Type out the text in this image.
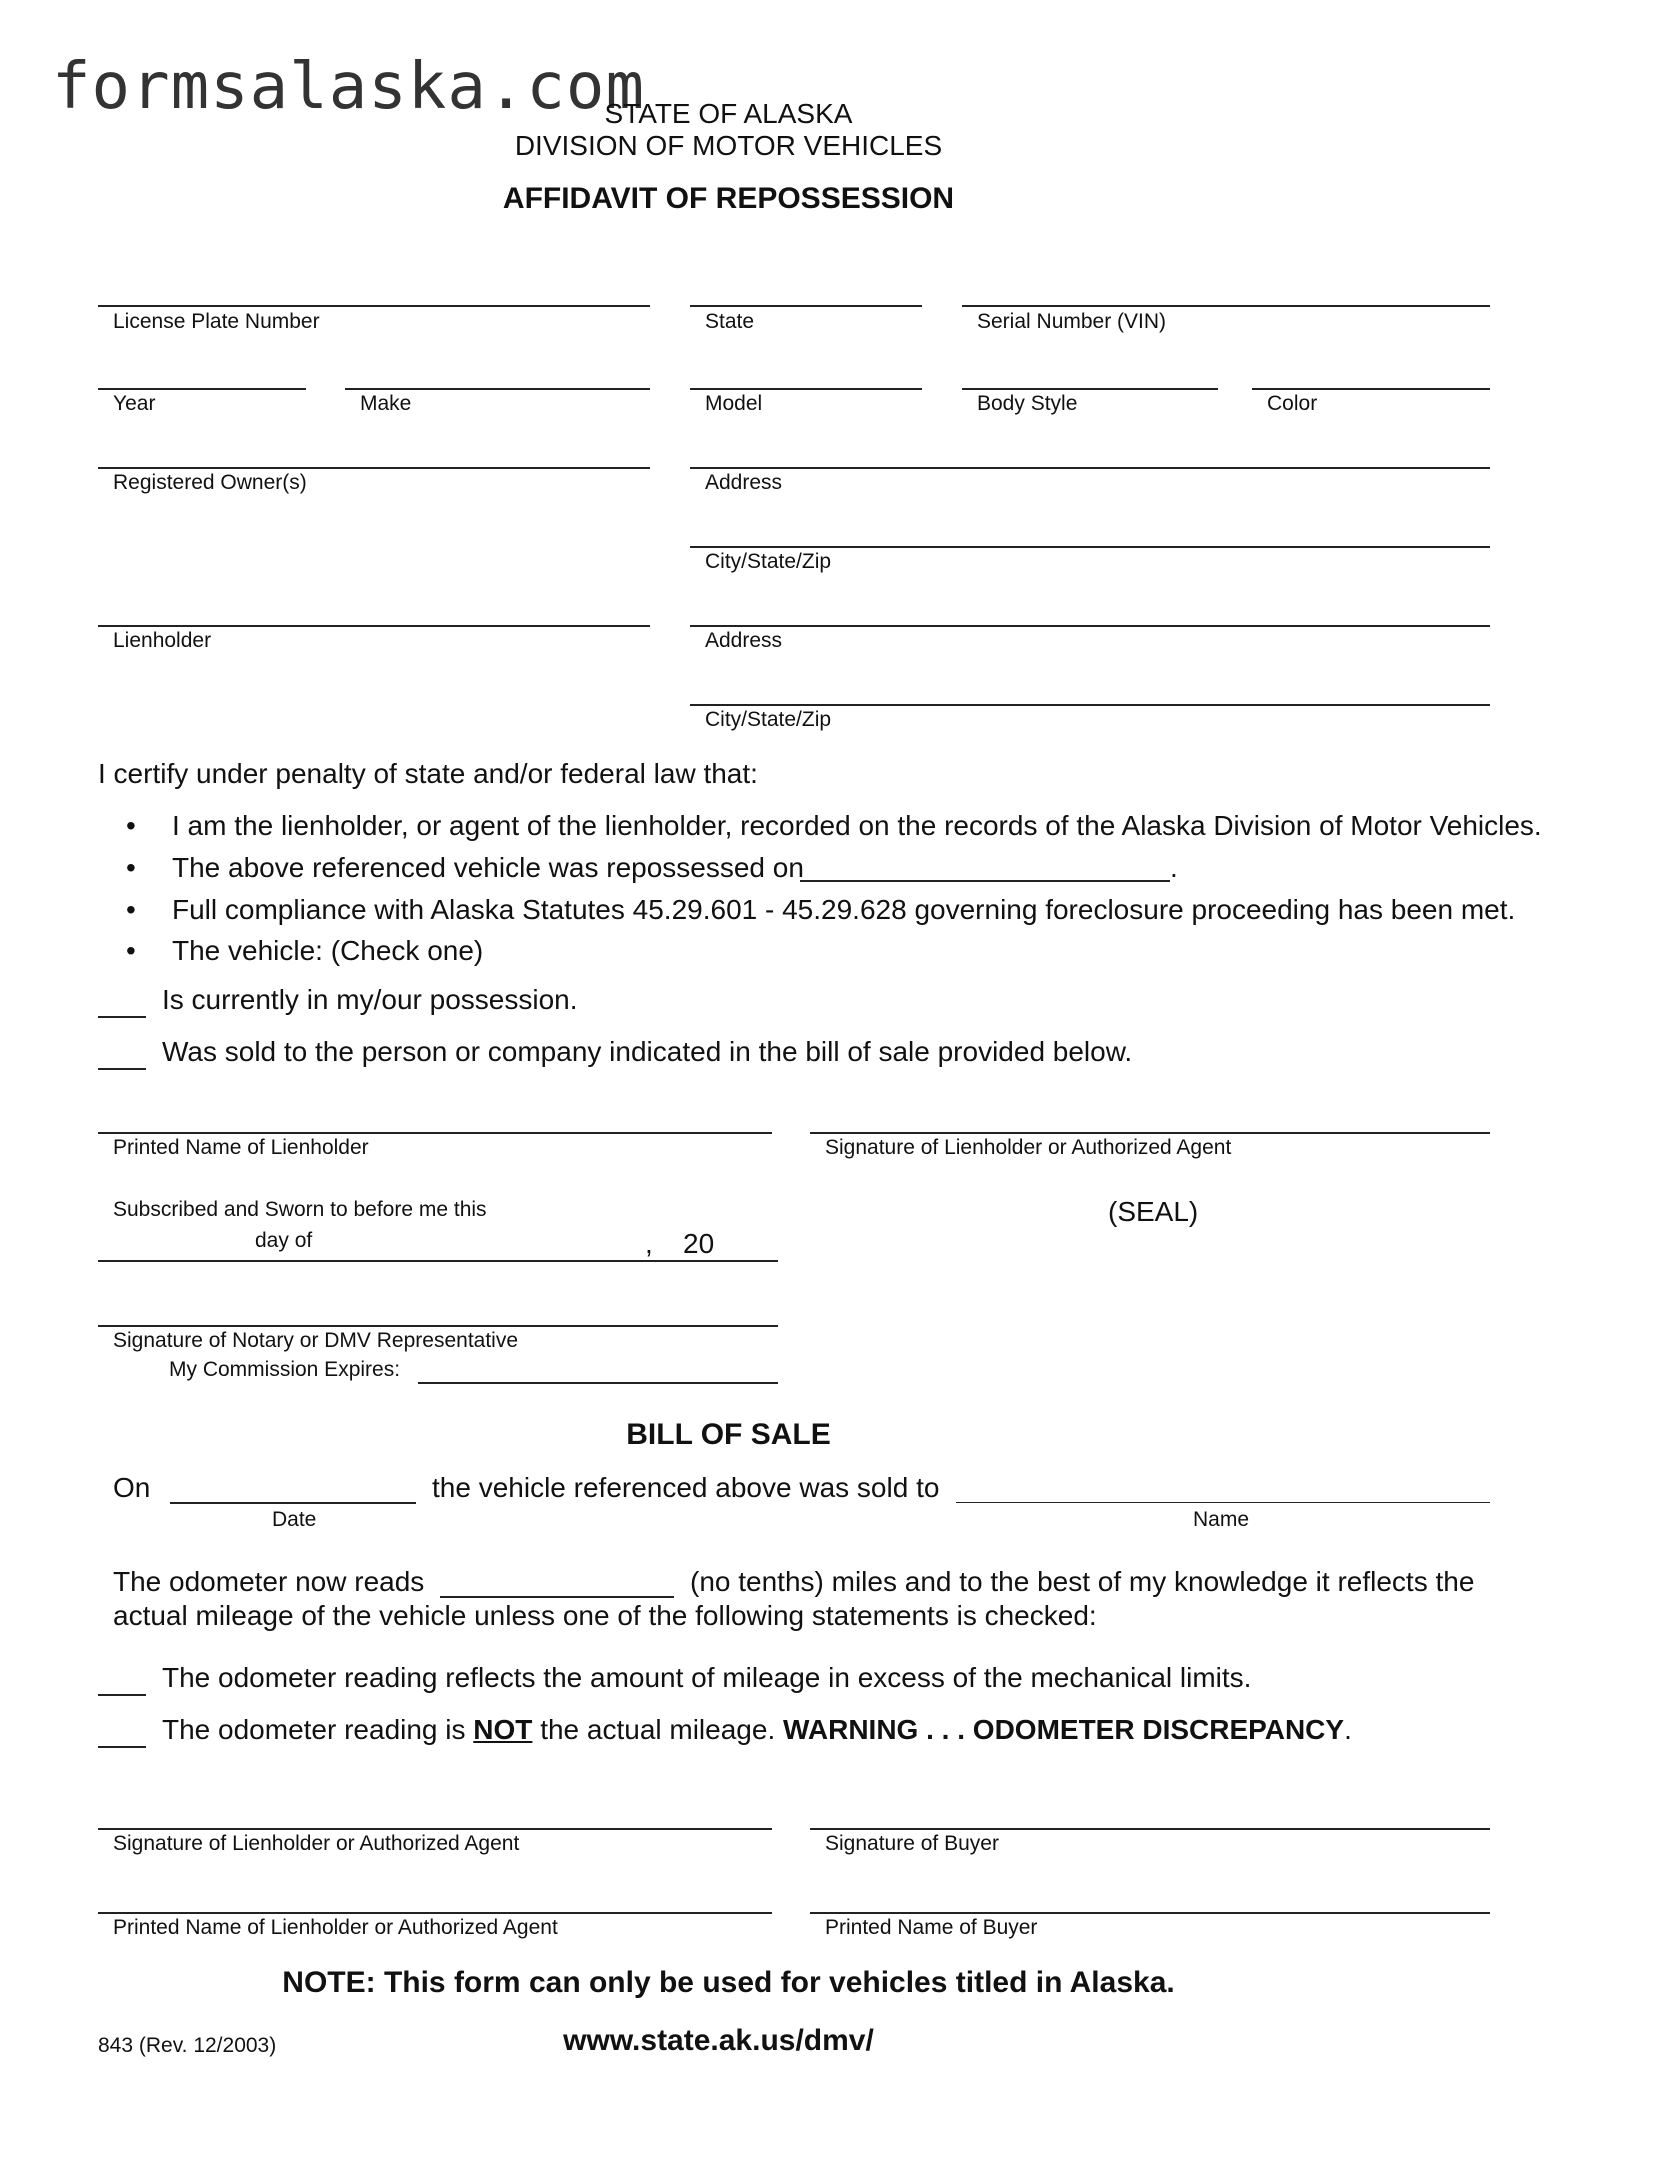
formsalaska.com
STATE OF ALASKA
DIVISION OF MOTOR VEHICLES
AFFIDAVIT OF REPOSSESSION
License Plate Number	State	Serial Number (VIN)
Year	Make	Model	Body Style	Color
Registered Owner(s)	Address
City/State/Zip
Lienholder	Address
City/State/Zip
I certify under penalty of state and/or federal law that:
• I am the lienholder, or agent of the lienholder, recorded on the records of the Alaska Division of Motor Vehicles.
• The above referenced vehicle was repossessed on	.
• Full compliance with Alaska Statutes 45.29.601 - 45.29.628 governing foreclosure proceeding has been met.
• The vehicle: (Check one)
Is currently in my/our possession.
Was sold to the person or company indicated in the bill of sale provided below.
Printed Name of Lienholder	Signature of Lienholder or Authorized Agent
Subscribed and Sworn to before me this
day of	, 20
(SEAL)
Signature of Notary or DMV Representative
My Commission Expires:
BILL OF SALE
On
Date
the vehicle referenced above was sold to
Name
The odometer now reads	(no tenths) miles and to the best of my knowledge it reflects the
actual mileage of the vehicle unless one of the following statements is checked:
The odometer reading reflects the amount of mileage in excess of the mechanical limits.
The odometer reading is NOT the actual mileage. WARNING . . . ODOMETER DISCREPANCY.
Signature of Lienholder or Authorized Agent	Signature of Buyer
Printed Name of Lienholder or Authorized Agent	Printed Name of Buyer
NOTE: This form can only be used for vehicles titled in Alaska.
843 (Rev. 12/2003)	www.state.ak.us/dmv/
